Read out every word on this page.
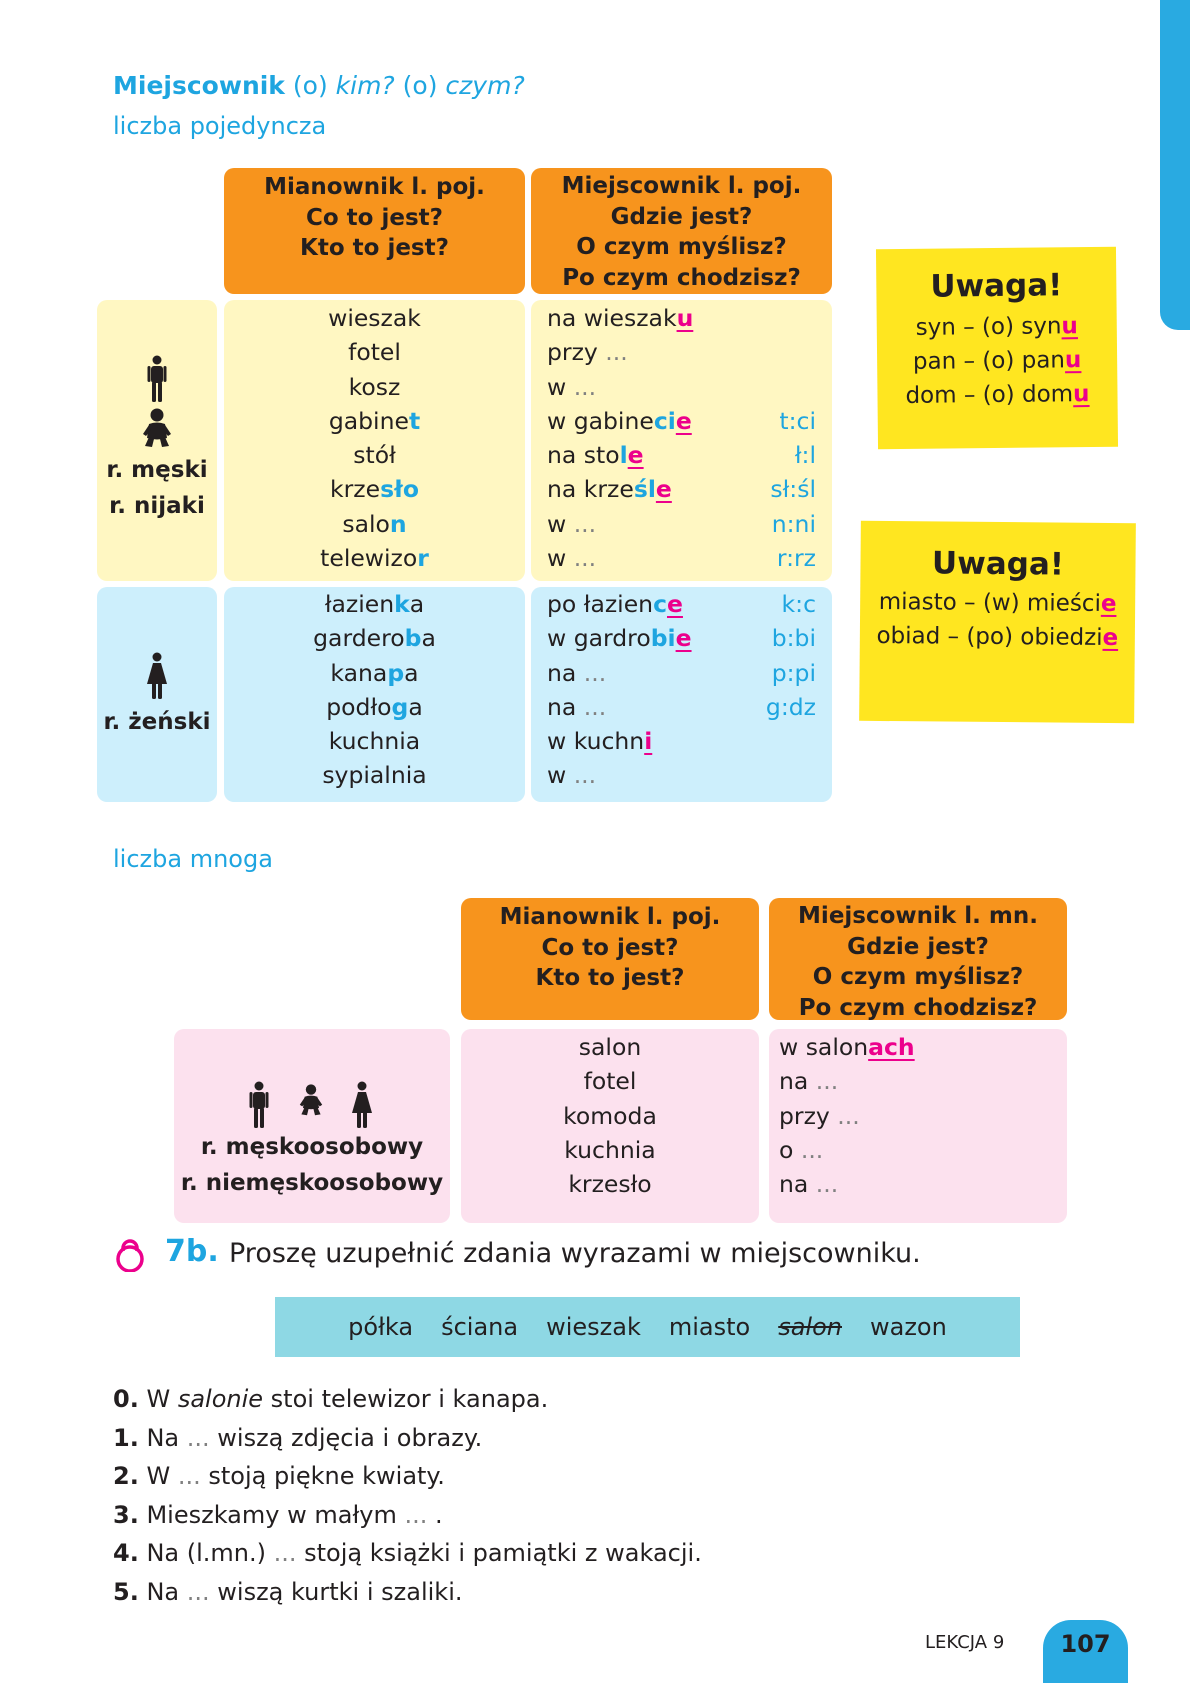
Miejscownik (o) kim? (o) czym?
liczba pojedyncza
Mianownik l. poj.
Co to jest?
Kto to jest?
Miejscownik l. poj.
Gdzie jest?
O czym myślisz?
Po czym chodzisz?
r. męski
r. nijaki
wieszak
fotel
kosz
gabinet
stół
krzesło
salon
telewizor
na wieszaku
przy ...
w ...
w gabinecie
na stole
na krześle
w ...
w ...

t:ci
ł:l
sł:śl
n:ni
r:rz
r. żeński
łazienka
garderoba
kanapa
podłoga
kuchnia
sypialnia
po łazience
w gardrobie
na ...
na ...
w kuchni
w ...
k:c
b:bi
p:pi
g:dz

Uwaga!
syn – (o) synu
pan – (o) panu
dom – (o) domu
Uwaga!
miasto – (w) mieście
obiad – (po) obiedzie
liczba mnoga
Mianownik l. poj.
Co to jest?
Kto to jest?
Miejscownik l. mn.
Gdzie jest?
O czym myślisz?
Po czym chodzisz?
r. męskoosobowy
r. niemęskoosobowy
salon
fotel
komoda
kuchnia
krzesło
w salonach
na ...
przy ...
o ...
na ...
7b. Proszę uzupełnić zdania wyrazami w miejscowniku.
półka ściana wieszak miasto salon wazon
0. W salonie stoi telewizor i kanapa.
1. Na ... wiszą zdjęcia i obrazy.
2. W ... stoją piękne kwiaty.
3. Mieszkamy w małym ... .
4. Na (l.mn.) ... stoją książki i pamiątki z wakacji.
5. Na ... wiszą kurtki i szaliki.
LEKCJA 9	107
